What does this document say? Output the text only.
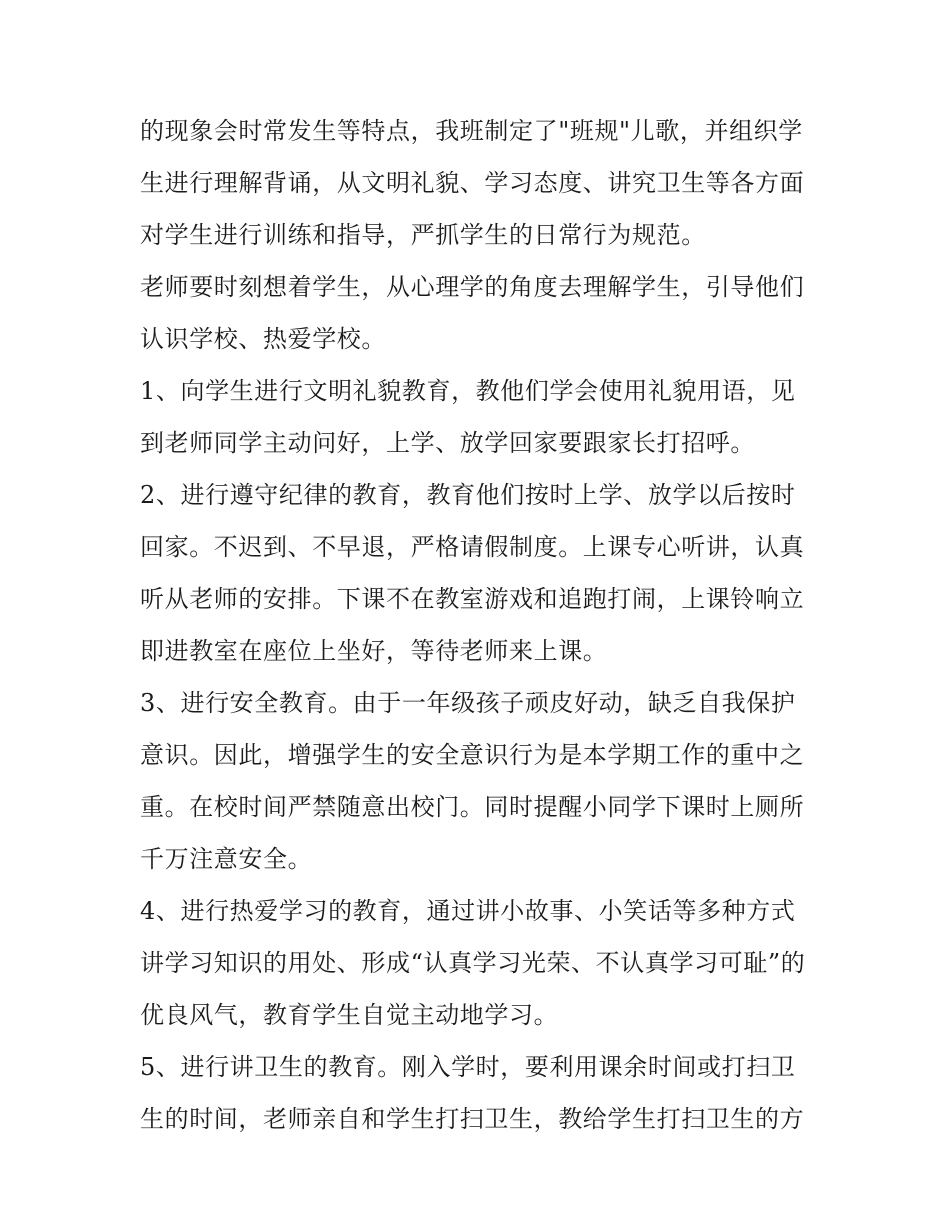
的现象会时常发生等特点，我班制定了"班规"儿歌，并组织学
生进行理解背诵，从文明礼貌、学习态度、讲究卫生等各方面
对学生进行训练和指导，严抓学生的日常行为规范。

老师要时刻想着学生，从心理学的角度去理解学生，引导他们
认识学校、热爱学校。

1、向学生进行文明礼貌教育，教他们学会使用礼貌用语，见
到老师同学主动问好，上学、放学回家要跟家长打招呼。

2、进行遵守纪律的教育，教育他们按时上学、放学以后按时
回家。不迟到、不早退，严格请假制度。上课专心听讲，认真
听从老师的安排。下课不在教室游戏和追跑打闹，上课铃响立
即进教室在座位上坐好，等待老师来上课。

3、进行安全教育。由于一年级孩子顽皮好动，缺乏自我保护
意识。因此，增强学生的安全意识行为是本学期工作的重中之
重。在校时间严禁随意出校门。同时提醒小同学下课时上厕所
千万注意安全。

4、进行热爱学习的教育，通过讲小故事、小笑话等多种方式
讲学习知识的用处、形成“认真学习光荣、不认真学习可耻”的
优良风气，教育学生自觉主动地学习。

5、进行讲卫生的教育。刚入学时，要利用课余时间或打扫卫
生的时间，老师亲自和学生打扫卫生，教给学生打扫卫生的方
